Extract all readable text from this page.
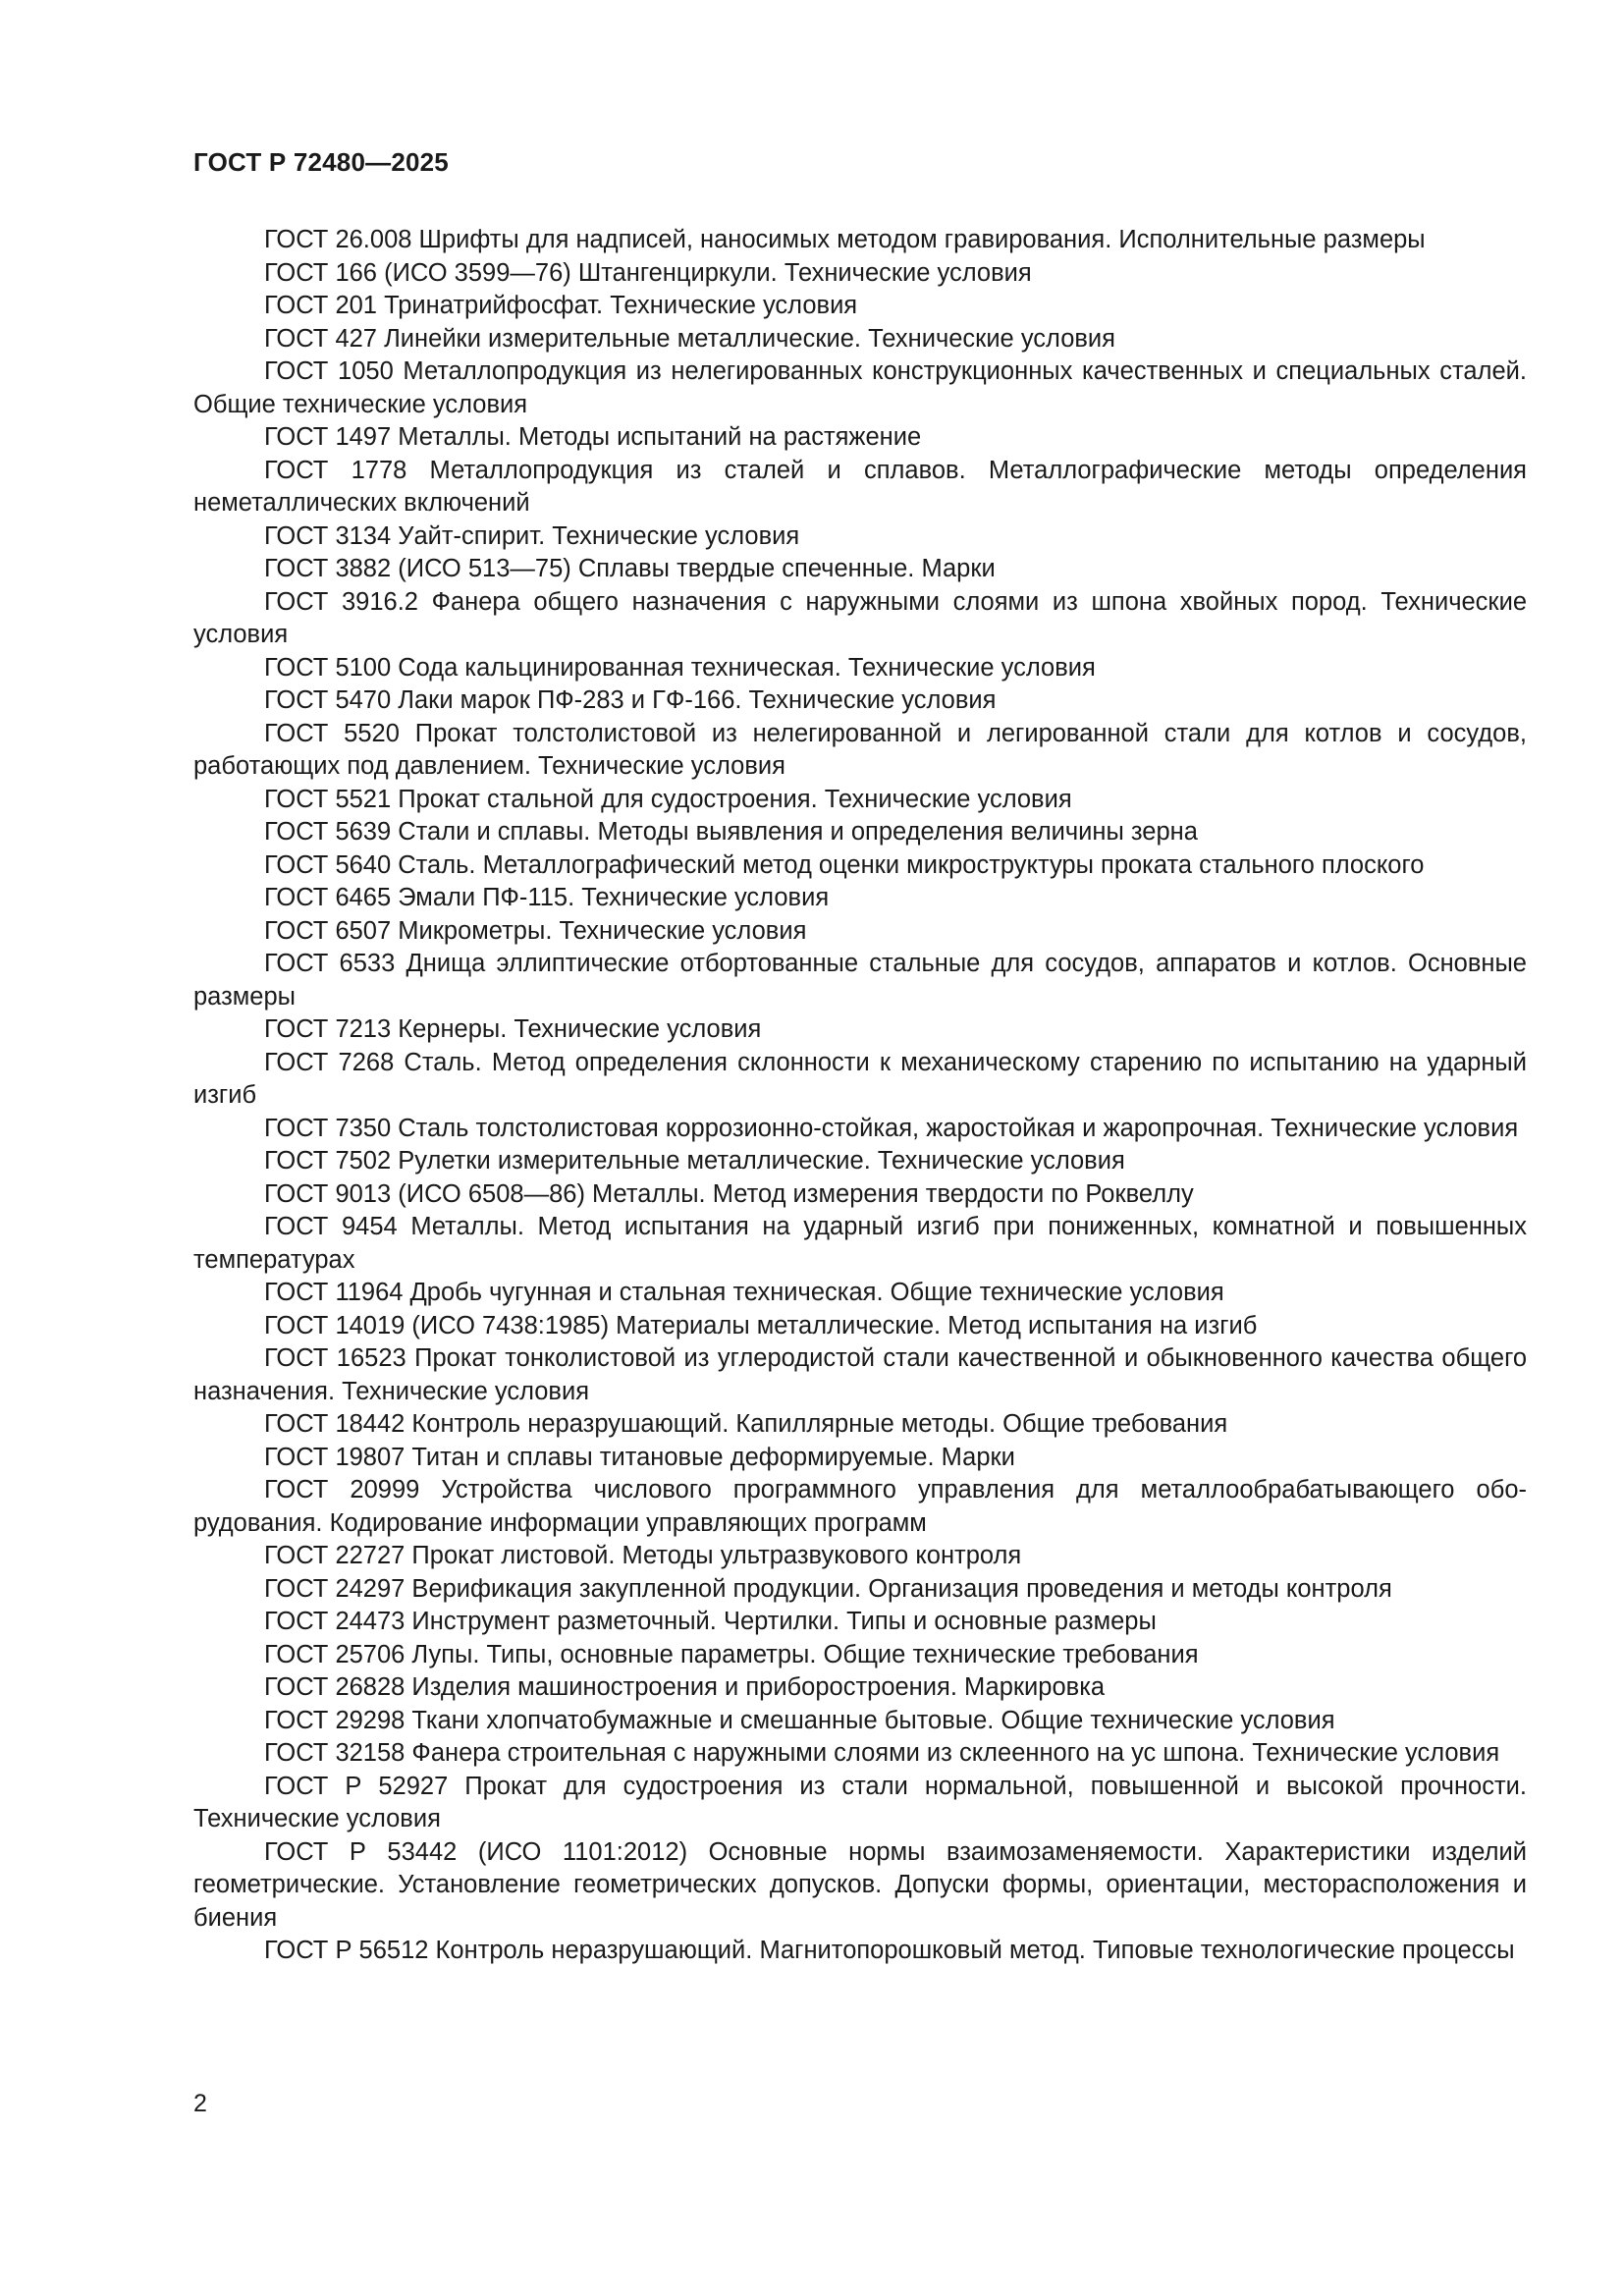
ГОСТ Р 72480—2025

ГОСТ 26.008 Шрифты для надписей, наносимых методом гравирования. Исполнительные размеры

ГОСТ 166 (ИСО 3599—76) Штангенциркули. Технические условия

ГОСТ 201 Тринатрийфосфат. Технические условия

ГОСТ 427 Линейки измерительные металлические. Технические условия

ГОСТ 1050 Металлопродукция из нелегированных конструкционных качественных и специальных сталей. Общие технические условия

ГОСТ 1497 Металлы. Методы испытаний на растяжение

ГОСТ 1778 Металлопродукция из сталей и сплавов. Металлографические методы определения неметаллических включений

ГОСТ 3134 Уайт-спирит. Технические условия

ГОСТ 3882 (ИСО 513—75) Сплавы твердые спеченные. Марки

ГОСТ 3916.2 Фанера общего назначения с наружными слоями из шпона хвойных пород. Технические условия

ГОСТ 5100 Сода кальцинированная техническая. Технические условия

ГОСТ 5470 Лаки марок ПФ-283 и ГФ-166. Технические условия

ГОСТ 5520 Прокат толстолистовой из нелегированной и легированной стали для котлов и сосудов, работающих под давлением. Технические условия

ГОСТ 5521 Прокат стальной для судостроения. Технические условия

ГОСТ 5639 Стали и сплавы. Методы выявления и определения величины зерна

ГОСТ 5640 Сталь. Металлографический метод оценки микроструктуры проката стального плоского

ГОСТ 6465 Эмали ПФ-115. Технические условия

ГОСТ 6507 Микрометры. Технические условия

ГОСТ 6533 Днища эллиптические отбортованные стальные для сосудов, аппаратов и котлов. Основные размеры

ГОСТ 7213 Кернеры. Технические условия

ГОСТ 7268 Сталь. Метод определения склонности к механическому старению по испытанию на ударный изгиб

ГОСТ 7350 Сталь толстолистовая коррозионно-стойкая, жаростойкая и жаропрочная. Технические условия

ГОСТ 7502 Рулетки измерительные металлические. Технические условия

ГОСТ 9013 (ИСО 6508—86) Металлы. Метод измерения твердости по Роквеллу

ГОСТ 9454 Металлы. Метод испытания на ударный изгиб при пониженных, комнатной и повышенных температурах

ГОСТ 11964 Дробь чугунная и стальная техническая. Общие технические условия

ГОСТ 14019 (ИСО 7438:1985) Материалы металлические. Метод испытания на изгиб

ГОСТ 16523 Прокат тонколистовой из углеродистой стали качественной и обыкновенного качества общего назначения. Технические условия

ГОСТ 18442 Контроль неразрушающий. Капиллярные методы. Общие требования

ГОСТ 19807 Титан и сплавы титановые деформируемые. Марки

ГОСТ 20999 Устройства числового программного управления для металлообрабатывающего оборудования. Кодирование информации управляющих программ

ГОСТ 22727 Прокат листовой. Методы ультразвукового контроля

ГОСТ 24297 Верификация закупленной продукции. Организация проведения и методы контроля

ГОСТ 24473 Инструмент разметочный. Чертилки. Типы и основные размеры

ГОСТ 25706 Лупы. Типы, основные параметры. Общие технические требования

ГОСТ 26828 Изделия машиностроения и приборостроения. Маркировка

ГОСТ 29298 Ткани хлопчатобумажные и смешанные бытовые. Общие технические условия

ГОСТ 32158 Фанера строительная с наружными слоями из склеенного на ус шпона. Технические условия

ГОСТ Р 52927 Прокат для судостроения из стали нормальной, повышенной и высокой прочности. Технические условия

ГОСТ Р 53442 (ИСО 1101:2012) Основные нормы взаимозаменяемости. Характеристики изделий геометрические. Установление геометрических допусков. Допуски формы, ориентации, месторасположения и биения

ГОСТ Р 56512 Контроль неразрушающий. Магнитопорошковый метод. Типовые технологические процессы

2
